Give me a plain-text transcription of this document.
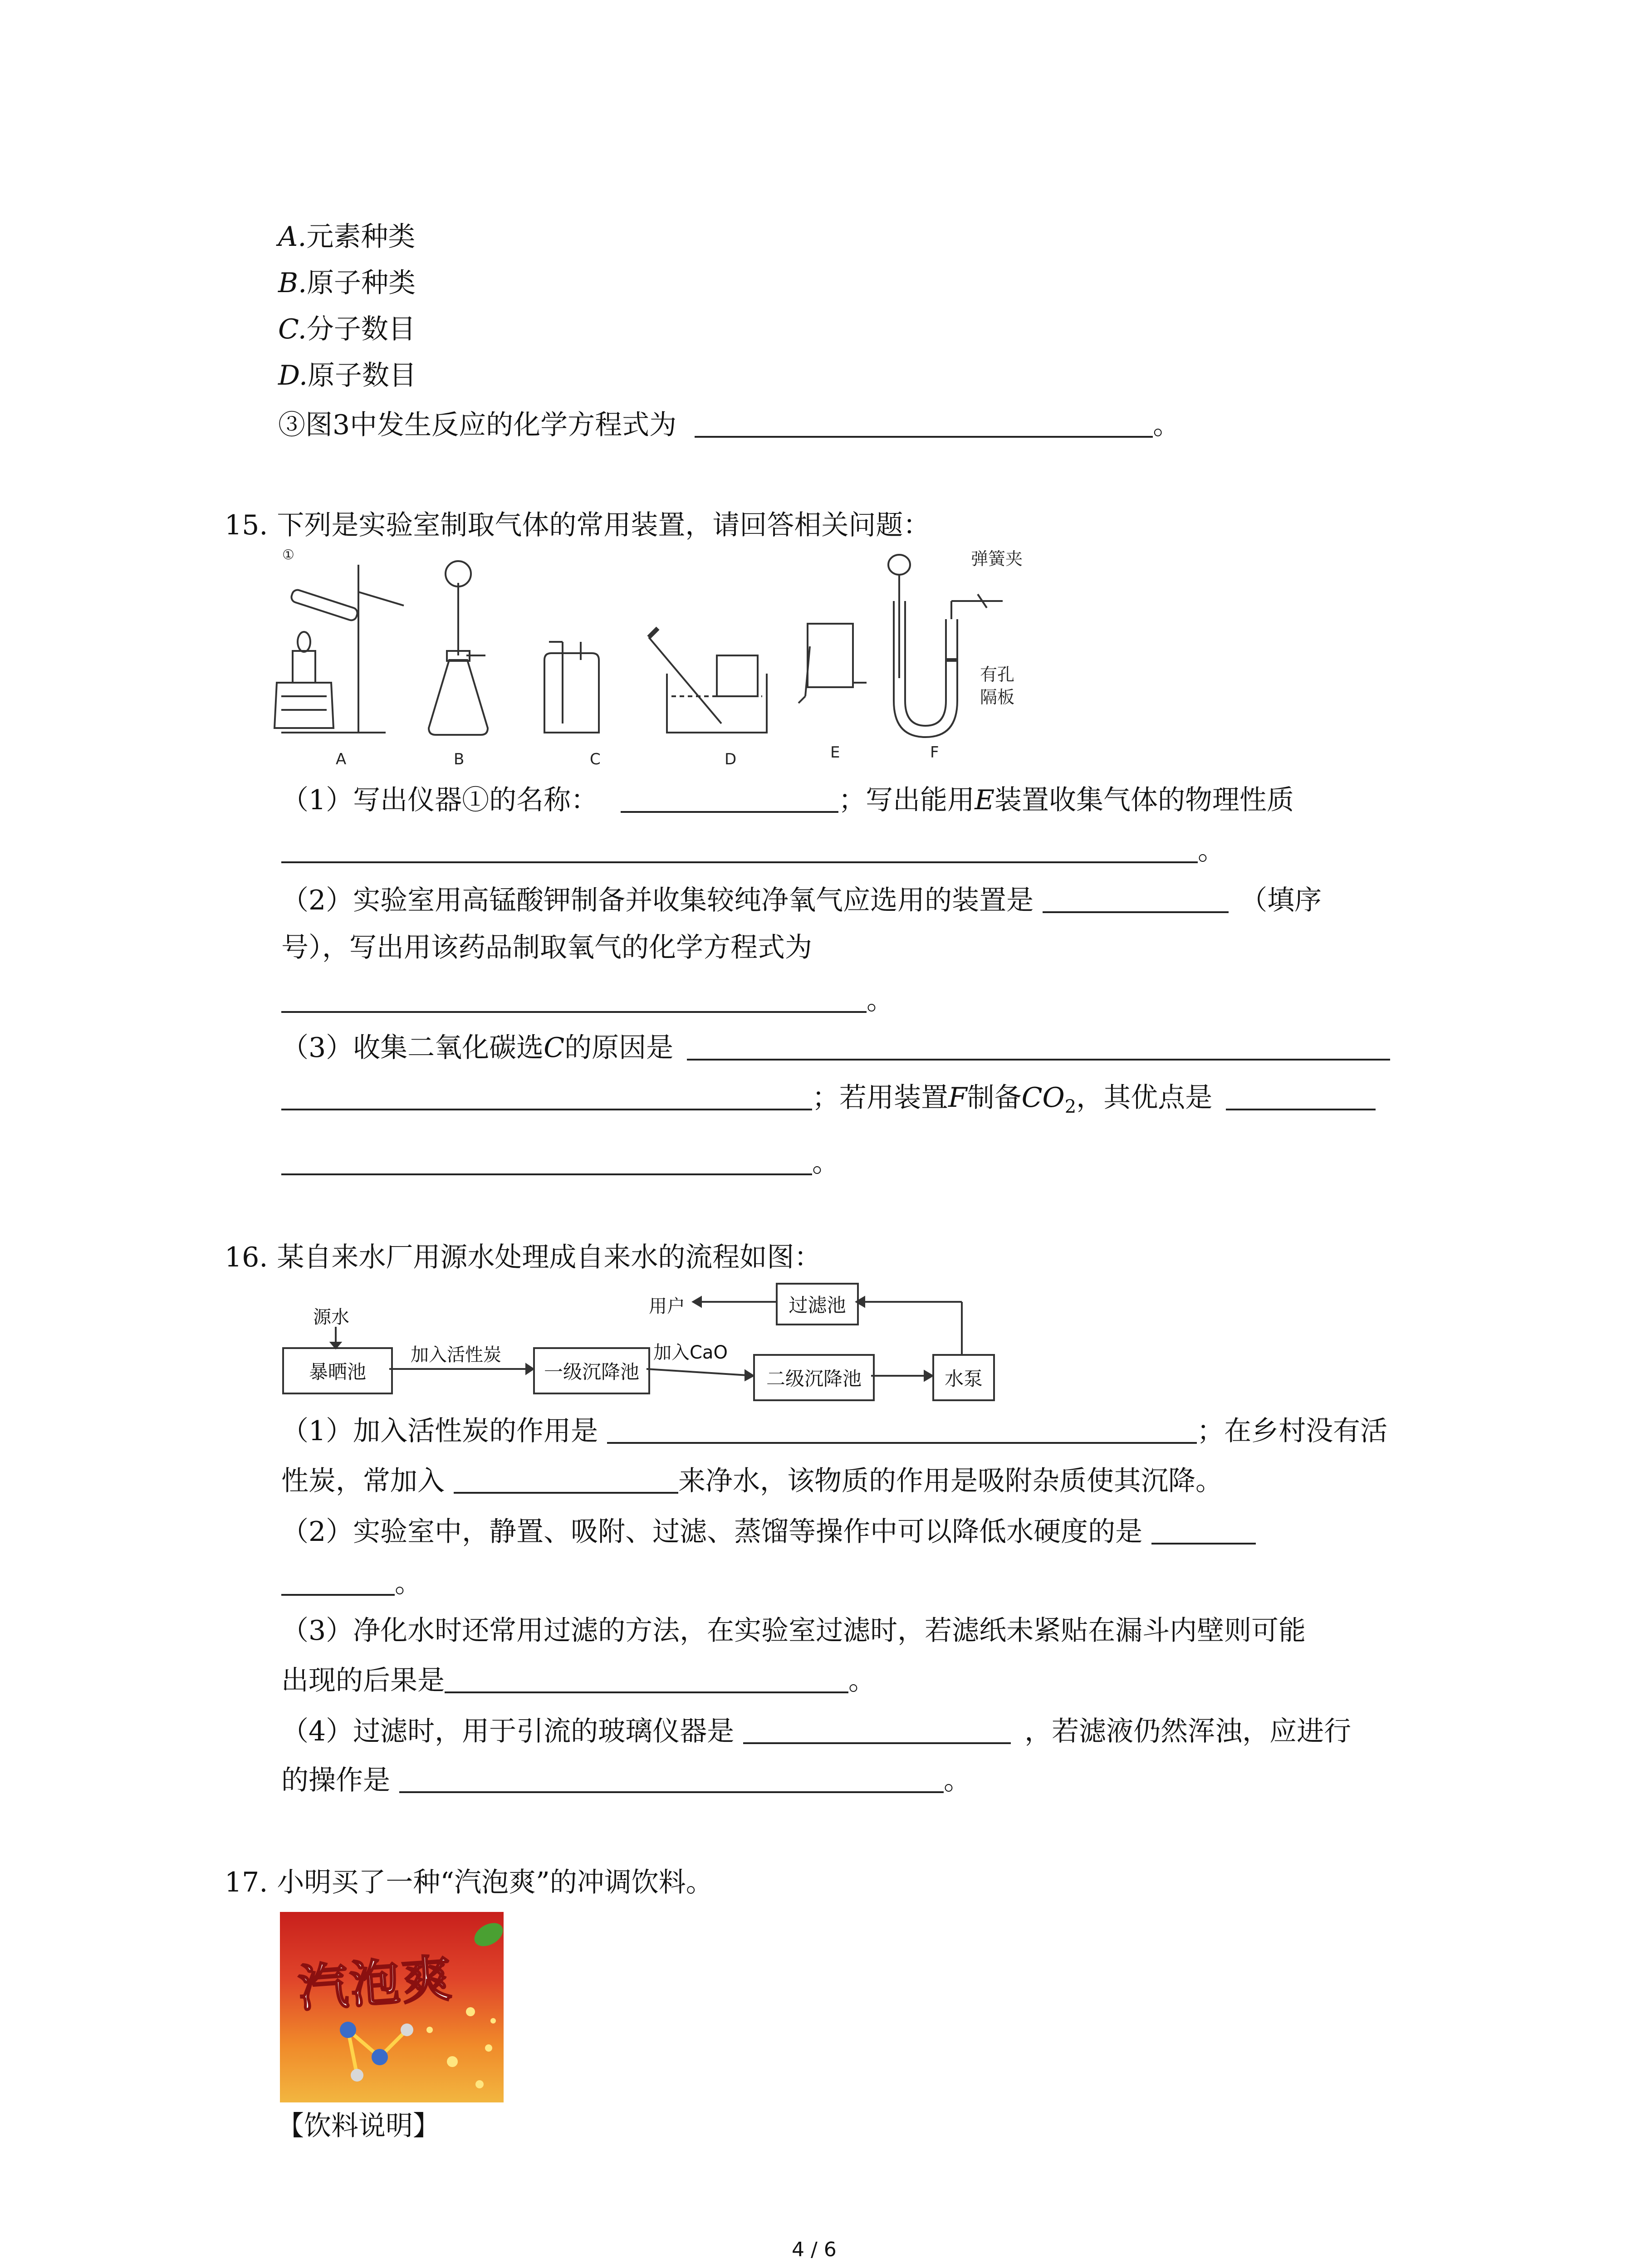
A.元素种类
B.原子种类
C.分子数目
D.原子数目
③图3中发生反应的化学方程式为	。
15. 下列是实验室制取气体的常用装置，请回答相关问题：
①	弹簧夹
有孔
隔板
A	B	C	D	E	F
（1）写出仪器①的名称：	；写出能用E装置收集气体的物理性质
。
（2）实验室用高锰酸钾制备并收集较纯净氧气应选用的装置是	（填序
号），写出用该药品制取氧气的化学方程式为
。
（3）收集二氧化碳选C的原因是
；若用装置F制备$CO_2$，其优点是
。
16. 某自来水厂用源水处理成自来水的流程如图：
源水
暴晒池
加入活性炭
一级沉降池
加入CaO
二级沉降池	水泵
过滤池
用户
（1）加入活性炭的作用是	；在乡村没有活
性炭，常加入	来净水，该物质的作用是吸附杂质使其沉降。
（2）实验室中，静置、吸附、过滤、蒸馏等操作中可以降低水硬度的是
。
（3）净化水时还常用过滤的方法，在实验室过滤时，若滤纸未紧贴在漏斗内壁则可能
出现的后果是	。
（4）过滤时，用于引流的玻璃仪器是	，若滤液仍然浑浊，应进行
的操作是	。
17. 小明买了一种“汽泡爽”的冲调饮料。
汽泡爽
【饮料说明】
4 / 6
